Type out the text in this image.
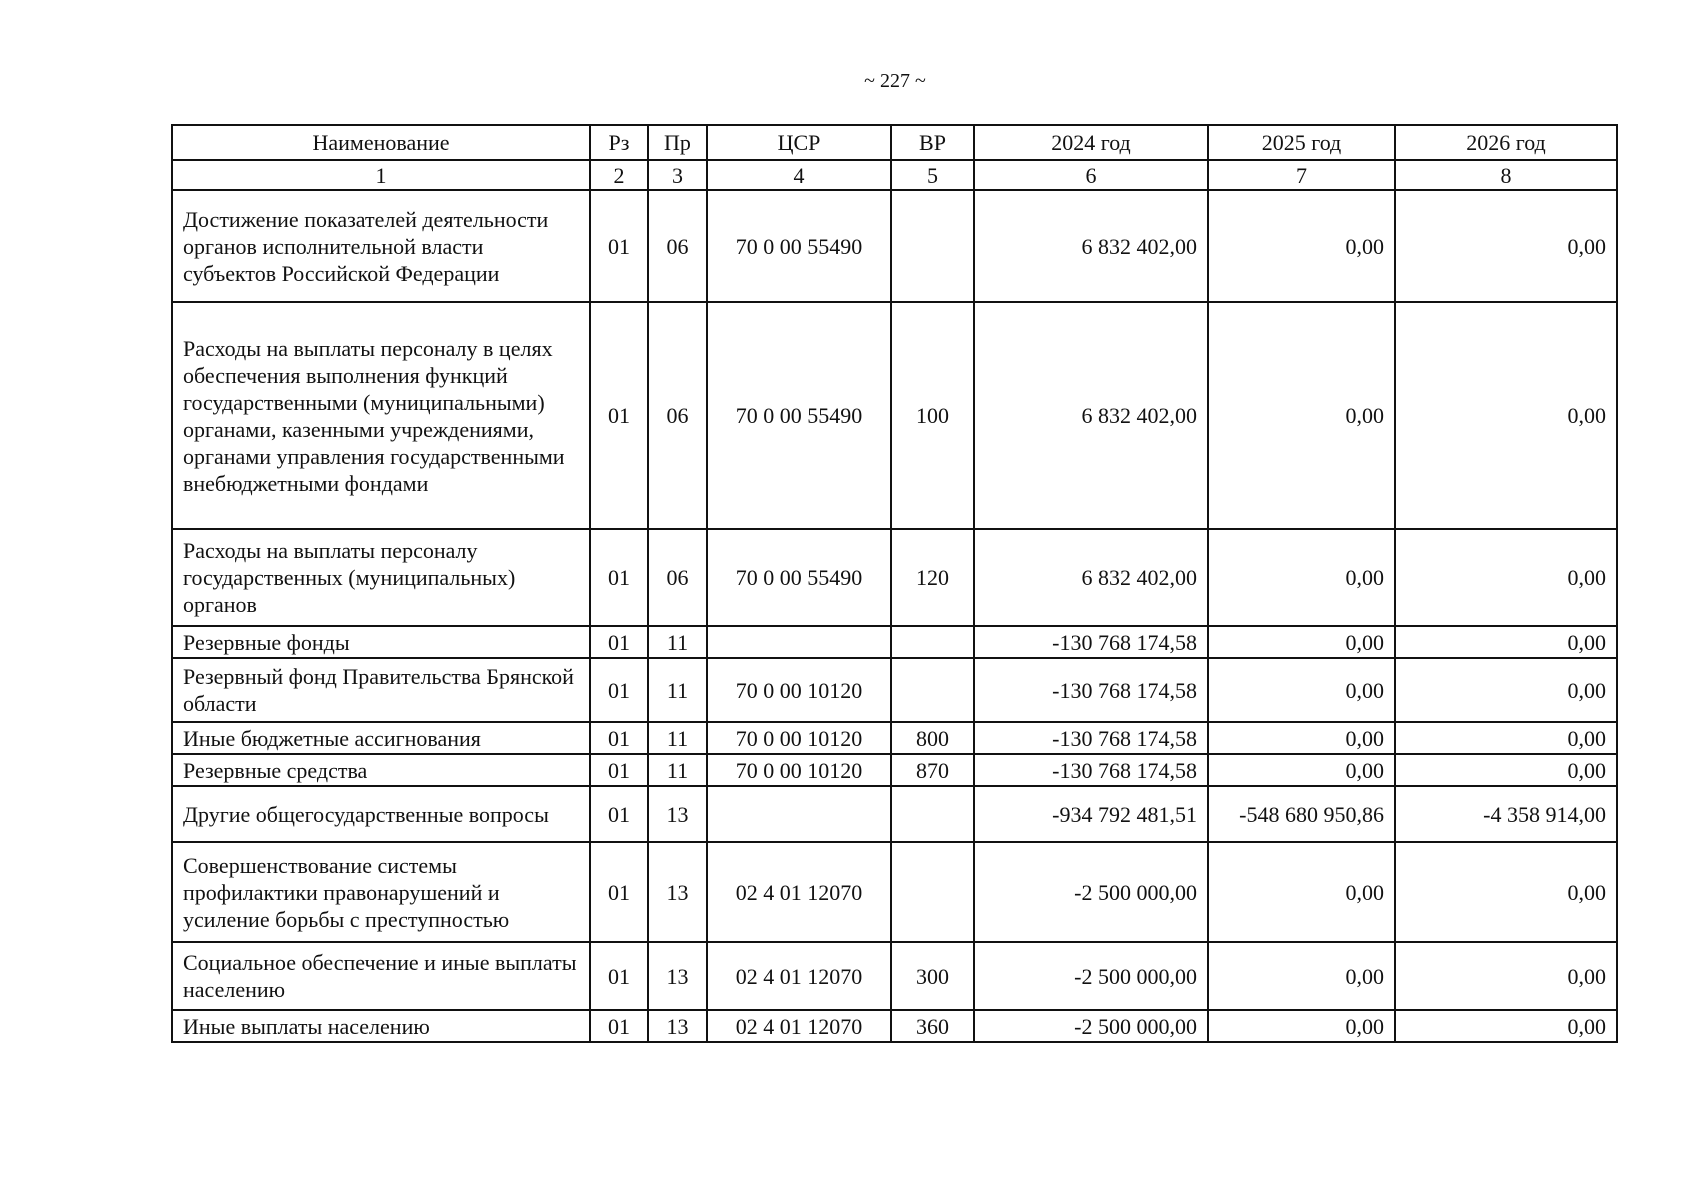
~ 227 ~
Наименование	Рз	Пр	ЦСР	ВР	2024 год	2025 год	2026 год
1	2	3	4	5	6	7	8
Достижение показателей деятельности органов исполнительной власти субъектов Российской Федерации	01	06	70 0 00 55490		6 832 402,00	0,00	0,00
Расходы на выплаты персоналу в целях обеспечения выполнения функций государственными (муниципальными) органами, казенными учреждениями, органами управления государственными внебюджетными фондами	01	06	70 0 00 55490	100	6 832 402,00	0,00	0,00
Расходы на выплаты персоналу государственных (муниципальных) органов	01	06	70 0 00 55490	120	6 832 402,00	0,00	0,00
Резервные фонды	01	11			-130 768 174,58	0,00	0,00
Резервный фонд Правительства Брянской области	01	11	70 0 00 10120		-130 768 174,58	0,00	0,00
Иные бюджетные ассигнования	01	11	70 0 00 10120	800	-130 768 174,58	0,00	0,00
Резервные средства	01	11	70 0 00 10120	870	-130 768 174,58	0,00	0,00
Другие общегосударственные вопросы	01	13			-934 792 481,51	-548 680 950,86	-4 358 914,00
Совершенствование системы профилактики правонарушений и усиление борьбы с преступностью	01	13	02 4 01 12070		-2 500 000,00	0,00	0,00
Социальное обеспечение и иные выплаты населению	01	13	02 4 01 12070	300	-2 500 000,00	0,00	0,00
Иные выплаты населению	01	13	02 4 01 12070	360	-2 500 000,00	0,00	0,00
